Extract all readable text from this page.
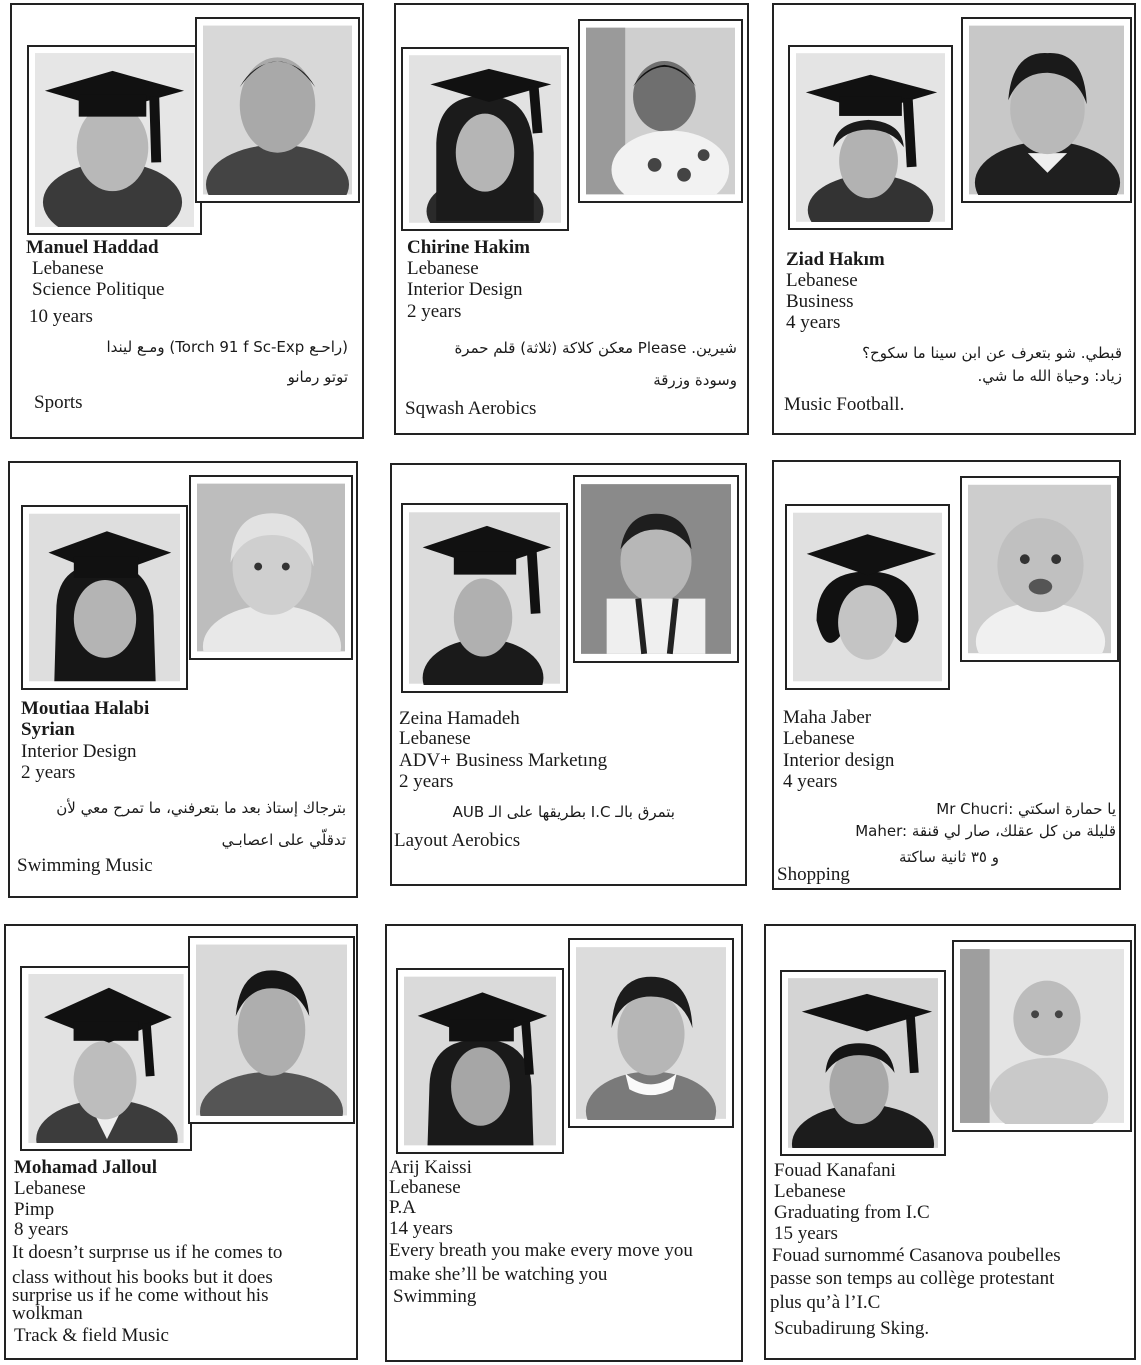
Manuel Haddad
Lebanese
Science Politique
10 years
(راحـع Torch 91 f Sc-Exp) ومـع ليندا
توتو رمانو
Sports
Chirine Hakim
Lebanese
Interior Design
2 years
شيرين. Please معكن كلاكة (ثلاثة) قلم حمرة
وسودة وزرقة
Sqwash Aerobics
Ziad Hakım
Lebanese
Business
4 years
قبطي. شو بتعرف عن ابن سينا ما سكوح؟
زياد: وحياة الله ما شي.
Music Football.
Moutiaa Halabi
Syrian
Interior Design
2 years
بترجاك إستاذ بعد ما بتعرفني، ما تمرح معي لأن
تدقلّي على اعصابـي
Swimming Music
Zeina Hamadeh
Lebanese
ADV+ Business Marketıng
2 years
بتمرق بالـ I.C بطريقها على الـ AUB
Layout Aerobics
Maha Jaber
Lebanese
Interior design
4 years
Mr Chucri: يا حمارة اسكتي
Maher: قليلة من كل عقلك، صار لي قنقة
و ٣٥ ثانية ساكتة
Shopping
Mohamad Jalloul
Lebanese
Pimp
8 years
It doesn’t surprıse us if he comes to
class without his books but it does
surprise us if he come without his
wolkman
Track & field Music
Arij Kaissi
Lebanese
P.A
14 years
Every breath you make every move you
make she’ll be watching you
Swimming
Fouad Kanafani
Lebanese
Graduating from I.C
15 years
Fouad surnommé Casanova poubelles
passe son temps au collège protestant
plus qu’à l’I.C
Scubadiruıng Sking.
